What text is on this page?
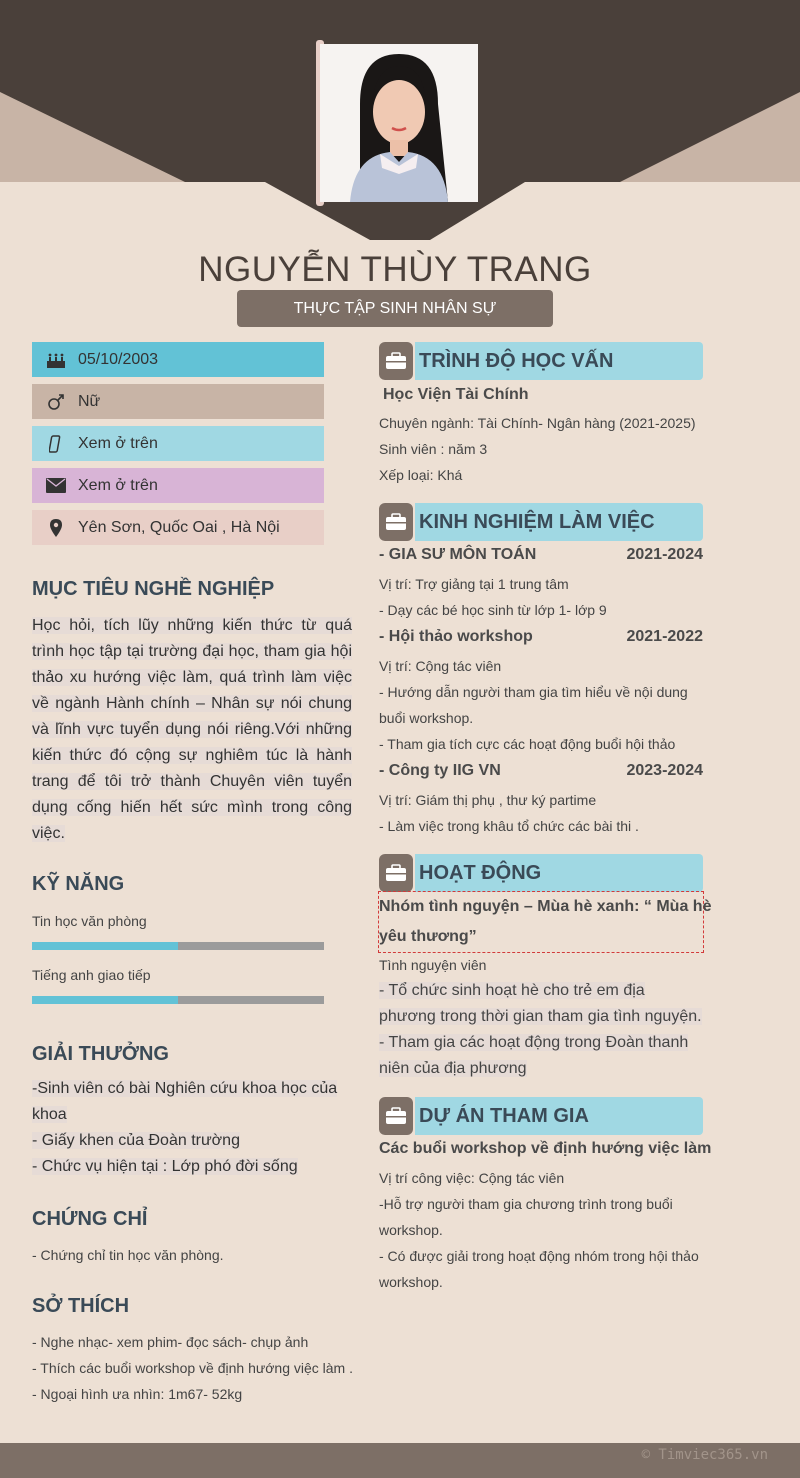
NGUYỄN THÙY TRANG
THỰC TẬP SINH NHÂN SỰ
05/10/2003
Nữ
Xem ở trên
Xem ở trên
Yên Sơn, Quốc Oai , Hà Nội
MỤC TIÊU NGHỀ NGHIỆP
Học hỏi, tích lũy những kiến thức từ quá trình học tập tại trường đại học, tham gia hội thảo xu hướng việc làm, quá trình làm việc về ngành Hành chính – Nhân sự nói chung và lĩnh vực tuyển dụng nói riêng.Với những kiến thức đó cộng sự nghiêm túc là hành trang để tôi trở thành Chuyên viên tuyển dụng cống hiến hết sức mình trong công việc.
KỸ NĂNG
Tin học văn phòng
Tiếng anh giao tiếp
GIẢI THƯỞNG
-Sinh viên có bài Nghiên cứu khoa học của khoa
- Giấy khen của Đoàn trường
- Chức vụ hiện tại : Lớp phó đời sống
CHỨNG CHỈ
- Chứng chỉ tin học văn phòng.
SỞ THÍCH
- Nghe nhạc- xem phim- đọc sách- chụp ảnh
- Thích các buổi workshop về định hướng việc làm .
- Ngoại hình ưa nhìn: 1m67- 52kg
TRÌNH ĐỘ HỌC VẤN
Học Viện Tài Chính
Chuyên ngành: Tài Chính- Ngân hàng (2021-2025)
Sinh viên : năm 3
Xếp loại: Khá
KINH NGHIỆM LÀM VIỆC
- GIA SƯ MÔN TOÁN	2021-2024
Vị trí: Trợ giảng tại 1 trung tâm
- Dạy các bé học sinh từ lớp 1- lớp 9
- Hội thảo workshop	2021-2022
Vị trí: Cộng tác viên
- Hướng dẫn người tham gia tìm hiểu về nội dung
buổi workshop.
- Tham gia tích cực các hoạt động buổi hội thảo
- Công ty IIG VN	2023-2024
Vị trí: Giám thị phụ , thư ký partime
- Làm việc trong khâu tổ chức các bài thi .
HOẠT ĐỘNG
Nhóm tình nguyện – Mùa hè xanh: “ Mùa hè
yêu thương”
Tình nguyện viên
- Tổ chức sinh hoạt hè cho trẻ em địa
phương trong thời gian tham gia tình nguyện.
- Tham gia các hoạt động trong Đoàn thanh
niên của địa phương
DỰ ÁN THAM GIA
Các buổi workshop về định hướng việc làm
Vị trí công việc: Cộng tác viên
-Hỗ trợ người tham gia chương trình trong buổi
workshop.
- Có được giải trong hoạt động nhóm trong hội thảo
workshop.
© Timviec365.vn
